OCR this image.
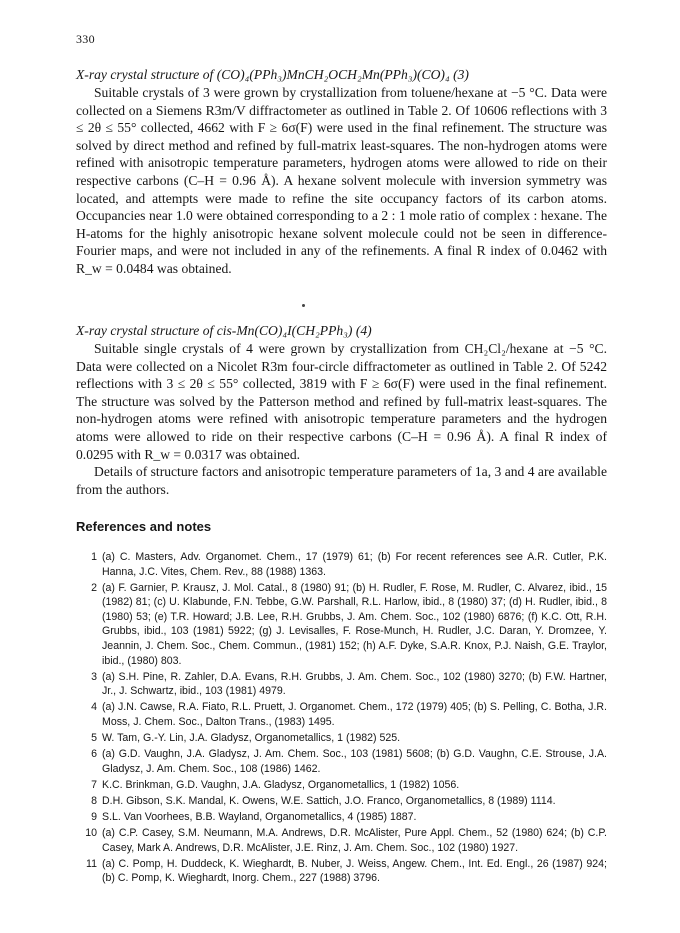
330

X-ray crystal structure of (CO)₄(PPh₃)MnCH₂OCH₂Mn(PPh₃)(CO)₄ (3)

Suitable crystals of 3 were grown by crystallization from toluene/hexane at −5 °C. Data were collected on a Siemens R3m/V diffractometer as outlined in Table 2. Of 10606 reflections with 3 ≤ 2θ ≤ 55° collected, 4662 with F ≥ 6σ(F) were used in the final refinement. The structure was solved by direct method and refined by full-matrix least-squares. The non-hydrogen atoms were refined with anisotropic temperature parameters, hydrogen atoms were allowed to ride on their respective carbons (C–H = 0.96 Å). A hexane solvent molecule with inversion symmetry was located, and attempts were made to refine the site occupancy factors of its carbon atoms. Occupancies near 1.0 were obtained corresponding to a 2 : 1 mole ratio of complex : hexane. The H-atoms for the highly anisotropic hexane solvent molecule could not be seen in difference-Fourier maps, and were not included in any of the refinements. A final R index of 0.0462 with R_w = 0.0484 was obtained.

X-ray crystal structure of cis-Mn(CO)₄I(CH₂PPh₃) (4)

Suitable single crystals of 4 were grown by crystallization from CH₂Cl₂/hexane at −5 °C. Data were collected on a Nicolet R3m four-circle diffractometer as outlined in Table 2. Of 5242 reflections with 3 ≤ 2θ ≤ 55° collected, 3819 with F ≥ 6σ(F) were used in the final refinement. The structure was solved by the Patterson method and refined by full-matrix least-squares. The non-hydrogen atoms were refined with anisotropic temperature parameters and the hydrogen atoms were allowed to ride on their respective carbons (C–H = 0.96 Å). A final R index of 0.0295 with R_w = 0.0317 was obtained.

Details of structure factors and anisotropic temperature parameters of 1a, 3 and 4 are available from the authors.

References and notes

1 (a) C. Masters, Adv. Organomet. Chem., 17 (1979) 61; (b) For recent references see A.R. Cutler, P.K. Hanna, J.C. Vites, Chem. Rev., 88 (1988) 1363.
2 (a) F. Garnier, P. Krausz, J. Mol. Catal., 8 (1980) 91; (b) H. Rudler, F. Rose, M. Rudler, C. Alvarez, ibid., 15 (1982) 81; (c) U. Klabunde, F.N. Tebbe, G.W. Parshall, R.L. Harlow, ibid., 8 (1980) 37; (d) H. Rudler, ibid., 8 (1980) 53; (e) T.R. Howard; J.B. Lee, R.H. Grubbs, J. Am. Chem. Soc., 102 (1980) 6876; (f) K.C. Ott, R.H. Grubbs, ibid., 103 (1981) 5922; (g) J. Levisalles, F. Rose-Munch, H. Rudler, J.C. Daran, Y. Dromzee, Y. Jeannin, J. Chem. Soc., Chem. Commun., (1981) 152; (h) A.F. Dyke, S.A.R. Knox, P.J. Naish, G.E. Traylor, ibid., (1980) 803.
3 (a) S.H. Pine, R. Zahler, D.A. Evans, R.H. Grubbs, J. Am. Chem. Soc., 102 (1980) 3270; (b) F.W. Hartner, Jr., J. Schwartz, ibid., 103 (1981) 4979.
4 (a) J.N. Cawse, R.A. Fiato, R.L. Pruett, J. Organomet. Chem., 172 (1979) 405; (b) S. Pelling, C. Botha, J.R. Moss, J. Chem. Soc., Dalton Trans., (1983) 1495.
5 W. Tam, G.-Y. Lin, J.A. Gladysz, Organometallics, 1 (1982) 525.
6 (a) G.D. Vaughn, J.A. Gladysz, J. Am. Chem. Soc., 103 (1981) 5608; (b) G.D. Vaughn, C.E. Strouse, J.A. Gladysz, J. Am. Chem. Soc., 108 (1986) 1462.
7 K.C. Brinkman, G.D. Vaughn, J.A. Gladysz, Organometallics, 1 (1982) 1056.
8 D.H. Gibson, S.K. Mandal, K. Owens, W.E. Sattich, J.O. Franco, Organometallics, 8 (1989) 1114.
9 S.L. Van Voorhees, B.B. Wayland, Organometallics, 4 (1985) 1887.
10 (a) C.P. Casey, S.M. Neumann, M.A. Andrews, D.R. McAlister, Pure Appl. Chem., 52 (1980) 624; (b) C.P. Casey, Mark A. Andrews, D.R. McAlister, J.E. Rinz, J. Am. Chem. Soc., 102 (1980) 1927.
11 (a) C. Pomp, H. Duddeck, K. Wieghardt, B. Nuber, J. Weiss, Angew. Chem., Int. Ed. Engl., 26 (1987) 924; (b) C. Pomp, K. Wieghardt, Inorg. Chem., 227 (1988) 3796.
